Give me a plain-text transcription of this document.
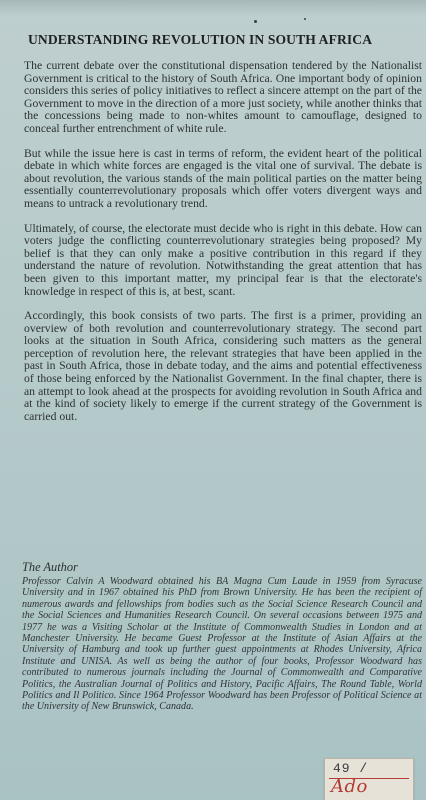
UNDERSTANDING REVOLUTION IN SOUTH AFRICA

The current debate over the constitutional dispensation tendered by the Nationalist Government is critical to the history of South Africa. One important body of opinion considers this series of policy initiatives to reflect a sincere attempt on the part of the Government to move in the direction of a more just society, while another thinks that the concessions being made to non-whites amount to camouflage, designed to conceal further entrenchment of white rule.

But while the issue here is cast in terms of reform, the evident heart of the political debate in which white forces are engaged is the vital one of survival. The debate is about revolution, the various stands of the main political parties on the matter being essentially counterrevolutionary proposals which offer voters divergent ways and means to untrack a revolutionary trend.

Ultimately, of course, the electorate must decide who is right in this debate. How can voters judge the conflicting counterrevolutionary strategies being proposed? My belief is that they can only make a positive contribution in this regard if they understand the nature of revolution. Notwithstanding the great attention that has been given to this important matter, my principal fear is that the electorate's knowledge in respect of this is, at best, scant.

Accordingly, this book consists of two parts. The first is a primer, providing an overview of both revolution and counterrevolutionary strategy. The second part looks at the situation in South Africa, considering such matters as the general perception of revolution here, the relevant strategies that have been applied in the past in South Africa, those in debate today, and the aims and potential effectiveness of those being enforced by the Nationalist Government. In the final chapter, there is an attempt to look ahead at the prospects for avoiding revolution in South Africa and at the kind of society likely to emerge if the current strategy of the Government is carried out.

The Author
Professor Calvin A Woodward obtained his BA Magna Cum Laude in 1959 from Syracuse University and in 1967 obtained his PhD from Brown University. He has been the recipient of numerous awards and fellowships from bodies such as the Social Science Research Council and the Social Sciences and Humanities Research Council. On several occasions between 1975 and 1977 he was a Visiting Scholar at the Institute of Commonwealth Studies in London and at Manchester University. He became Guest Professor at the Institute of Asian Affairs at the University of Hamburg and took up further guest appointments at Rhodes University, Africa Institute and UNISA. As well as being the author of four books, Professor Woodward has contributed to numerous journals including the Journal of Commonwealth and Comparative Politics, the Australian Journal of Politics and History, Pacific Affairs, The Round Table, World Politics and Il Politico. Since 1964 Professor Woodward has been Professor of Political Science at the University of New Brunswick, Canada.
49 /
Ado
